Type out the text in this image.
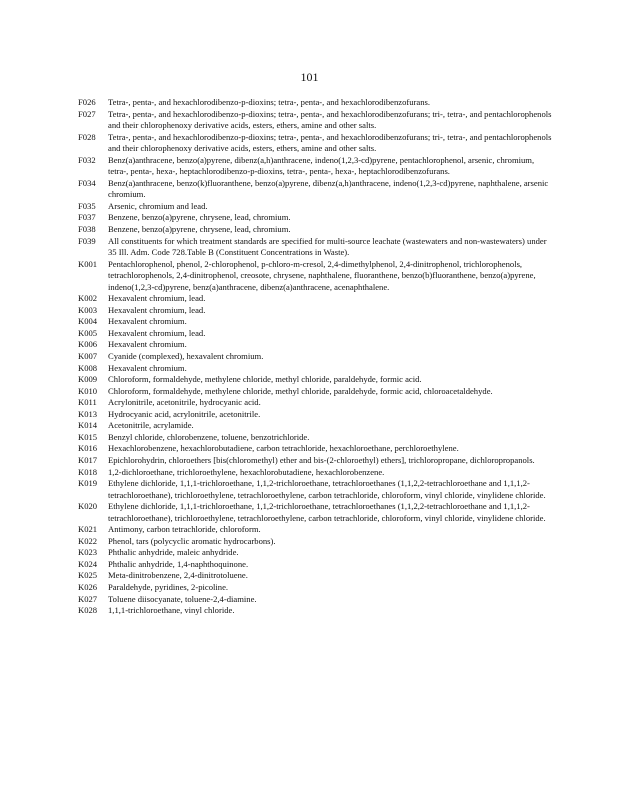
101
F026	Tetra-, penta-, and hexachlorodibenzo-p-dioxins; tetra-, penta-, and hexachlorodibenzofurans.
F027	Tetra-, penta-, and hexachlorodibenzo-p-dioxins; tetra-, penta-, and hexachlorodibenzofurans; tri-, tetra-, and pentachlorophenols and their chlorophenoxy derivative acids, esters, ethers, amine and other salts.
F028	Tetra-, penta-, and hexachlorodibenzo-p-dioxins; tetra-, penta-, and hexachlorodibenzofurans; tri-, tetra-, and pentachlorophenols and their chlorophenoxy derivative acids, esters, ethers, amine and other salts.
F032	Benz(a)anthracene, benzo(a)pyrene, dibenz(a,h)anthracene, indeno(1,2,3-cd)pyrene, pentachlorophenol, arsenic, chromium, tetra-, penta-, hexa-, heptachlorodibenzo-p-dioxins, tetra-, penta-, hexa-, heptachlorodibenzofurans.
F034	Benz(a)anthracene, benzo(k)fluoranthene, benzo(a)pyrene, dibenz(a,h)anthracene, indeno(1,2,3-cd)pyrene, naphthalene, arsenic chromium.
F035	Arsenic, chromium and lead.
F037	Benzene, benzo(a)pyrene, chrysene, lead, chromium.
F038	Benzene, benzo(a)pyrene, chrysene, lead, chromium.
F039	All constituents for which treatment standards are specified for multi-source leachate (wastewaters and non-wastewaters) under 35 Ill. Adm. Code 728.Table B (Constituent Concentrations in Waste).
K001	Pentachlorophenol, phenol, 2-chlorophenol, p-chloro-m-cresol, 2,4-dimethylphenol, 2,4-dinitrophenol, trichlorophenols, tetrachlorophenols, 2,4-dinitrophenol, creosote, chrysene, naphthalene, fluoranthene, benzo(b)fluoranthene, benzo(a)pyrene, indeno(1,2,3-cd)pyrene, benz(a)anthracene, dibenz(a)anthracene, acenaphthalene.
K002	Hexavalent chromium, lead.
K003	Hexavalent chromium, lead.
K004	Hexavalent chromium.
K005	Hexavalent chromium, lead.
K006	Hexavalent chromium.
K007	Cyanide (complexed), hexavalent chromium.
K008	Hexavalent chromium.
K009	Chloroform, formaldehyde, methylene chloride, methyl chloride, paraldehyde, formic acid.
K010	Chloroform, formaldehyde, methylene chloride, methyl chloride, paraldehyde, formic acid, chloroacetaldehyde.
K011	Acrylonitrile, acetonitrile, hydrocyanic acid.
K013	Hydrocyanic acid, acrylonitrile, acetonitrile.
K014	Acetonitrile, acrylamide.
K015	Benzyl chloride, chlorobenzene, toluene, benzotrichloride.
K016	Hexachlorobenzene, hexachlorobutadiene, carbon tetrachloride, hexachloroethane, perchloroethylene.
K017	Epichlorohydrin, chloroethers [bis(chloromethyl) ether and bis-(2-chloroethyl) ethers], trichloropropane, dichloropropanols.
K018	1,2-dichloroethane, trichloroethylene, hexachlorobutadiene, hexachlorobenzene.
K019	Ethylene dichloride, 1,1,1-trichloroethane, 1,1,2-trichloroethane, tetrachloroethanes (1,1,2,2-tetrachloroethane and 1,1,1,2-tetrachloroethane), trichloroethylene, tetrachloroethylene, carbon tetrachloride, chloroform, vinyl chloride, vinylidene chloride.
K020	Ethylene dichloride, 1,1,1-trichloroethane, 1,1,2-trichloroethane, tetrachloroethanes (1,1,2,2-tetrachloroethane and 1,1,1,2-tetrachloroethane), trichloroethylene, tetrachloroethylene, carbon tetrachloride, chloroform, vinyl chloride, vinylidene chloride.
K021	Antimony, carbon tetrachloride, chloroform.
K022	Phenol, tars (polycyclic aromatic hydrocarbons).
K023	Phthalic anhydride, maleic anhydride.
K024	Phthalic anhydride, 1,4-naphthoquinone.
K025	Meta-dinitrobenzene, 2,4-dinitrotoluene.
K026	Paraldehyde, pyridines, 2-picoline.
K027	Toluene diisocyanate, toluene-2,4-diamine.
K028	1,1,1-trichloroethane, vinyl chloride.
